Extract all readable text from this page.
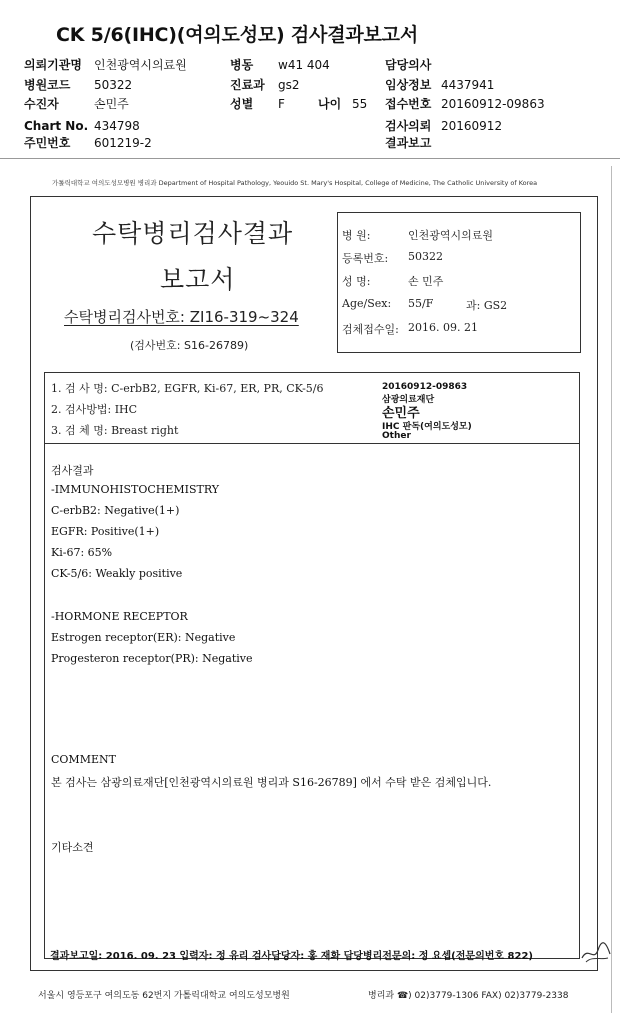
CK 5/6(IHC)(여의도성모) 검사결과보고서
의뢰기관명 인천광역시의료원	병동 w41 404	담당의사
병원코드 50322	진료과 gs2	임상정보 4437941
수진자	손민주	성별 F	나이 55 접수번호 20160912-09863
Chart No. 434798	검사의뢰 20160912
주민번호 601219-2	결과보고
가톨릭대학교 여의도성모병원 병리과 Department of Hospital Pathology, Yeouido St. Mary's Hospital, College of Medicine, The Catholic University of Korea
수탁병리검사결과
보고서
수탁병리검사번호: ZI16-319~324
(검사번호: S16-26789)
병 원:	인천광역시의료원
등록번호: 50322
성 명:	손 민주
Age/Sex: 55/F	과: GS2
검체접수일: 2016. 09. 21
1. 검 사 명: C-erbB2, EGFR, Ki-67, ER, PR, CK-5/6
2. 검사방법: IHC
3. 검 체 명: Breast right
20160912-09863
삼광의료재단
손민주
IHC 판독(여의도성모)
Other
검사결과
-IMMUNOHISTOCHEMISTRY
C-erbB2: Negative(1+)
EGFR: Positive(1+)
Ki-67: 65%
CK-5/6: Weakly positive
-HORMONE RECEPTOR
Estrogen receptor(ER): Negative
Progesteron receptor(PR): Negative
COMMENT
본 검사는 삼광의료재단[인천광역시의료원 병리과 S16-26789] 에서 수탁 받은 검체입니다.
기타소견
결과보고일: 2016. 09. 23 입력자: 정 유리 검사담당자: 홍 재화 담당병리전문의: 정 요셉(전문의번호 822)
서울시 영등포구 여의도동 62번지 가톨릭대학교 여의도성모병원	병리과 ☎) 02)3779-1306 FAX) 02)3779-2338
